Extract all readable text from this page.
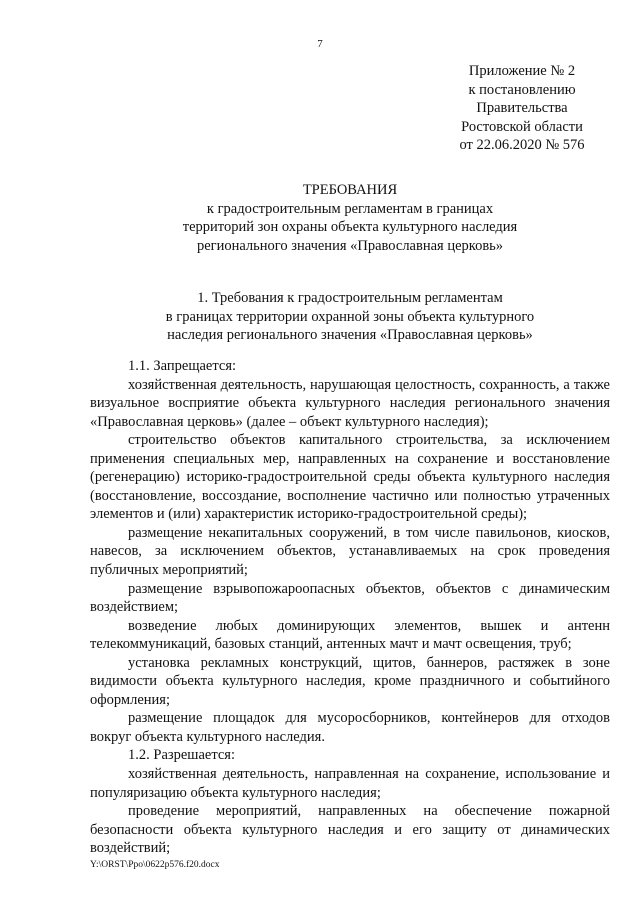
7
Приложение № 2
к постановлению
Правительства
Ростовской области
от 22.06.2020 № 576
ТРЕБОВАНИЯ
к градостроительным регламентам в границах
территорий зон охраны объекта культурного наследия
регионального значения «Православная церковь»
1. Требования к градостроительным регламентам
в границах территории охранной зоны объекта культурного
наследия регионального значения «Православная церковь»

1.1. Запрещается:

хозяйственная деятельность, нарушающая целостность, сохранность, а также визуальное восприятие объекта культурного наследия регионального значения «Православная церковь» (далее – объект культурного наследия);

строительство объектов капитального строительства, за исключением применения специальных мер, направленных на сохранение и восстановление (регенерацию) историко-градостроительной среды объекта культурного наследия (восстановление, воссоздание, восполнение частично или полностью утраченных элементов и (или) характеристик историко-градостроительной среды);

размещение некапитальных сооружений, в том числе павильонов, киосков, навесов, за исключением объектов, устанавливаемых на срок проведения публичных мероприятий;

размещение взрывопожароопасных объектов, объектов с динамическим воздействием;

возведение любых доминирующих элементов, вышек и антенн телекоммуникаций, базовых станций, антенных мачт и мачт освещения, труб;

установка рекламных конструкций, щитов, баннеров, растяжек в зоне видимости объекта культурного наследия, кроме праздничного и событийного оформления;

размещение площадок для мусоросборников, контейнеров для отходов вокруг объекта культурного наследия.

1.2. Разрешается:

хозяйственная деятельность, направленная на сохранение, использование и популяризацию объекта культурного наследия;

проведение мероприятий, направленных на обеспечение пожарной безопасности объекта культурного наследия и его защиту от динамических воздействий;

Y:\ORST\Ppo\0622p576.f20.docx
